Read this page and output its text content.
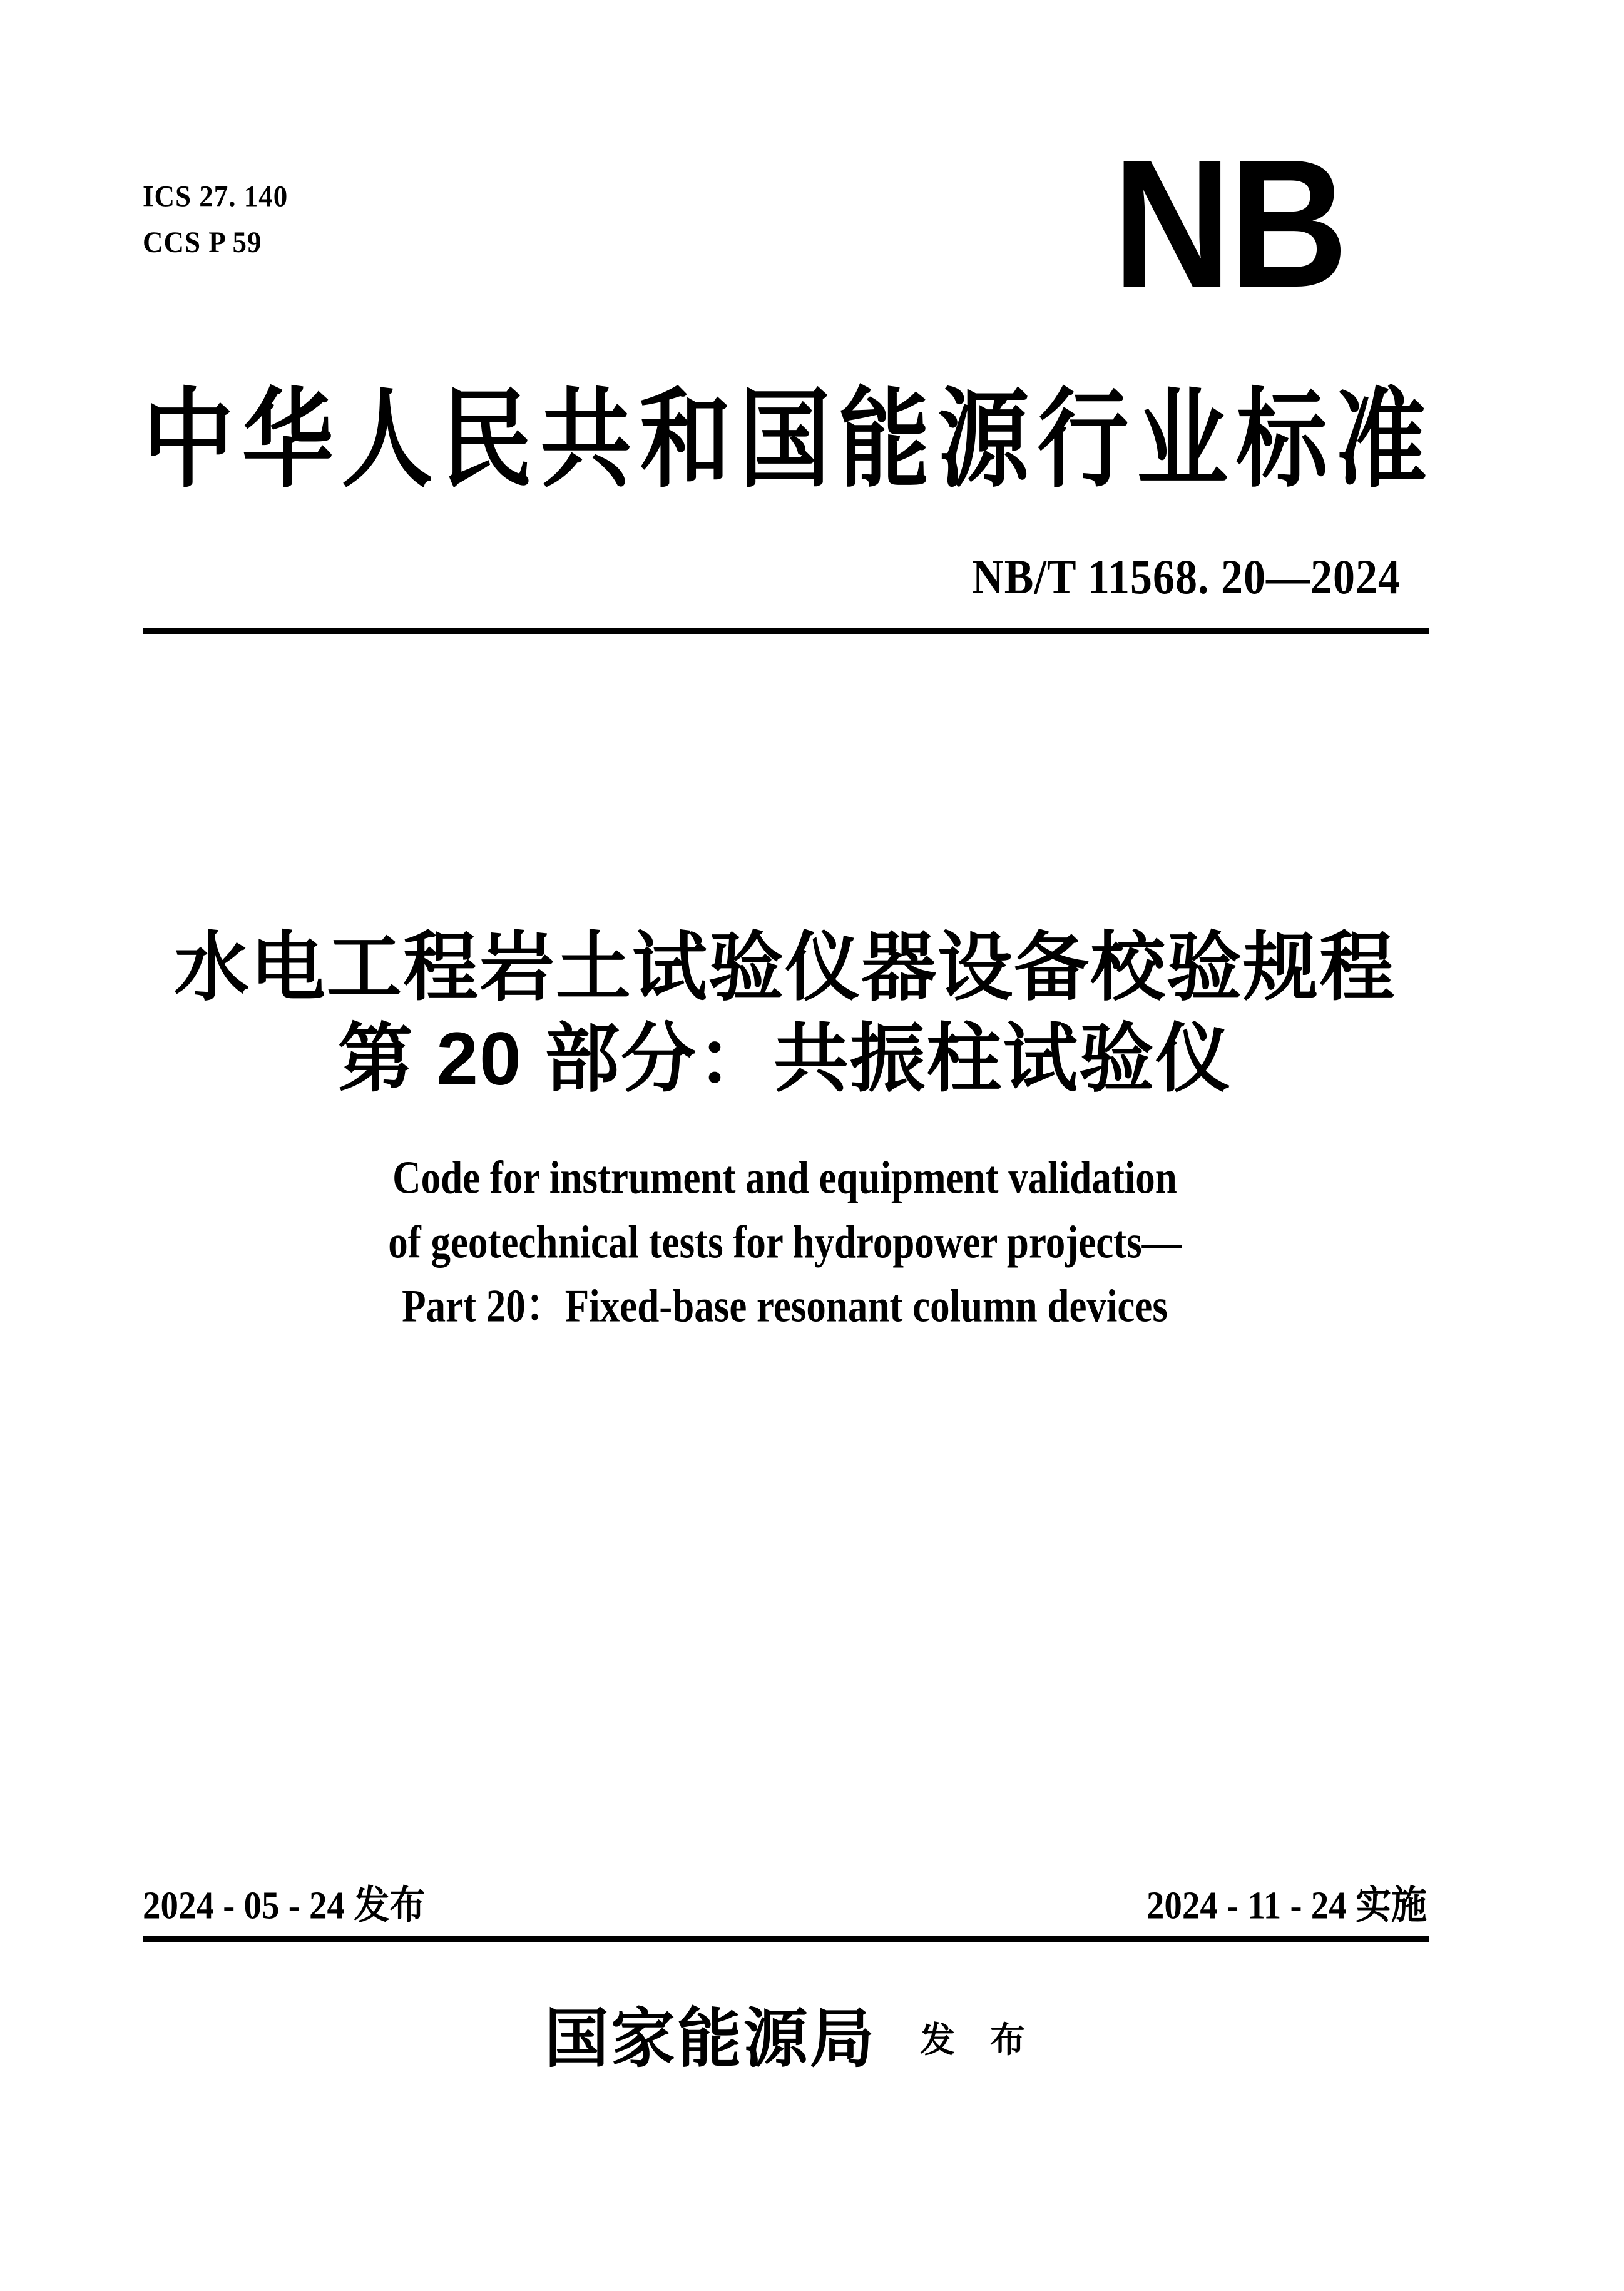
ICS 27. 140
CCS P 59	NB
中 华 人 民 共 和 国 能 源 行 业 标 准
NB/T 11568. 20—2024
水电工程岩土试验仪器设备校验规程
第 20 部分：共振柱试验仪
Code for instrument and equipment validation
of geotechnical tests for hydropower projects—
Part 20：Fixed-base resonant column devices
2024 - 05 - 24 发布	2024 - 11 - 24 实施
国家能源局 发　布
